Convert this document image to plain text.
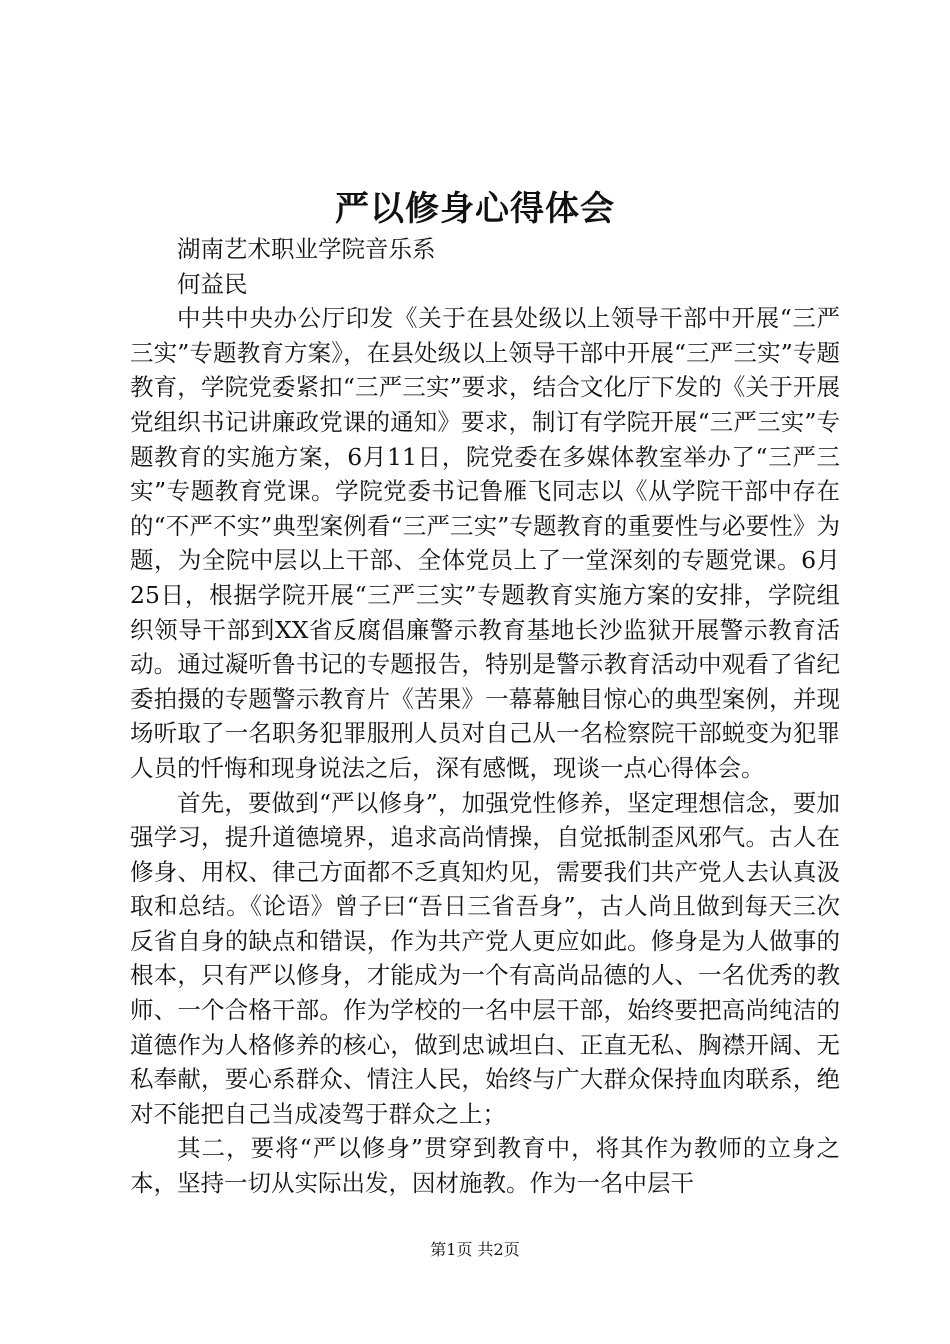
严以修身心得体会

湖南艺术职业学院音乐系

何益民

中共中央办公厅印发《关于在县处级以上领导干部中开展“三严三实”专题教育方案》，在县处级以上领导干部中开展“三严三实”专题教育，学院党委紧扣“三严三实”要求，结合文化厅下发的《关于开展党组织书记讲廉政党课的通知》要求，制订有学院开展“三严三实”专题教育的实施方案，6月11日，院党委在多媒体教室举办了“三严三实”专题教育党课。学院党委书记鲁雁飞同志以《从学院干部中存在的“不严不实”典型案例看“三严三实”专题教育的重要性与必要性》为题，为全院中层以上干部、全体党员上了一堂深刻的专题党课。6月25日，根据学院开展“三严三实”专题教育实施方案的安排，学院组织领导干部到XX省反腐倡廉警示教育基地长沙监狱开展警示教育活动。通过凝听鲁书记的专题报告，特别是警示教育活动中观看了省纪委拍摄的专题警示教育片《苦果》一幕幕触目惊心的典型案例，并现场听取了一名职务犯罪服刑人员对自己从一名检察院干部蜕变为犯罪人员的忏悔和现身说法之后，深有感慨，现谈一点心得体会。

首先，要做到“严以修身”，加强党性修养，坚定理想信念，要加强学习，提升道德境界，追求高尚情操，自觉抵制歪风邪气。古人在修身、用权、律己方面都不乏真知灼见，需要我们共产党人去认真汲取和总结。《论语》曾子曰“吾日三省吾身”，古人尚且做到每天三次反省自身的缺点和错误，作为共产党人更应如此。修身是为人做事的根本，只有严以修身，才能成为一个有高尚品德的人、一名优秀的教师、一个合格干部。作为学校的一名中层干部，始终要把高尚纯洁的道德作为人格修养的核心，做到忠诚坦白、正直无私、胸襟开阔、无私奉献，要心系群众、情注人民，始终与广大群众保持血肉联系，绝对不能把自己当成凌驾于群众之上；

其二，要将“严以修身”贯穿到教育中，将其作为教师的立身之本，坚持一切从实际出发，因材施教。作为一名中层干

第1页 共2页
